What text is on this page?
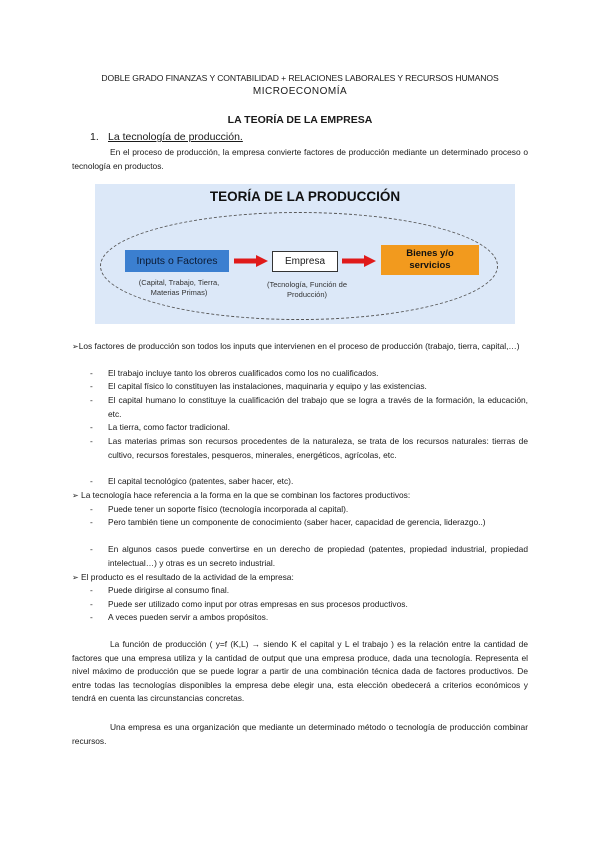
DOBLE GRADO FINANZAS Y CONTABILIDAD + RELACIONES LABORALES Y RECURSOS HUMANOS
MICROECONOMÍA
LA TEORÍA DE LA EMPRESA
1. La tecnología de producción.
En el proceso de producción, la empresa convierte factores de producción mediante un determinado proceso o tecnología en productos.
TEORÍA DE LA PRODUCCIÓN
Inputs o Factores
(Capital, Trabajo, Tierra,
Materias Primas)
Empresa
(Tecnología, Función de
Producción)
Bienes y/o
servicios
➢Los factores de producción son todos los inputs que intervienen en el proceso de producción (trabajo, tierra, capital,…)
-	El trabajo incluye tanto los obreros cualificados como los no cualificados.
-	El capital físico lo constituyen las instalaciones, maquinaria y equipo y las existencias.
-	El capital humano lo constituye la cualificación del trabajo que se logra a través de la formación, la educación, etc.
-	La tierra, como factor tradicional.
-	Las materias primas son recursos procedentes de la naturaleza, se trata de los recursos naturales: tierras de cultivo, recursos forestales, pesqueros, minerales, energéticos, agrícolas, etc.
-	El capital tecnológico (patentes, saber hacer, etc).
➢ La tecnología hace referencia a la forma en la que se combinan los factores productivos:
-	Puede tener un soporte físico (tecnología incorporada al capital).
-	Pero también tiene un componente de conocimiento (saber hacer, capacidad de gerencia, liderazgo..)
-	En algunos casos puede convertirse en un derecho de propiedad (patentes, propiedad industrial, propiedad intelectual…) y otras es un secreto industrial.
➢ El producto es el resultado de la actividad de la empresa:
-	Puede dirigirse al consumo final.
-	Puede ser utilizado como input por otras empresas en sus procesos productivos.
-	A veces pueden servir a ambos propósitos.
La función de producción ( y=f (K,L) → siendo K el capital y L el trabajo ) es la relación entre la cantidad de factores que una empresa utiliza y la cantidad de output que una empresa produce, dada una tecnología. Representa el nivel máximo de producción que se puede lograr a partir de una combinación técnica dada de factores productivos. De entre todas las tecnologías disponibles la empresa debe elegir una, esta elección obedecerá a criterios económicos y tendrá en cuenta las circunstancias concretas.
Una empresa es una organización que mediante un determinado método o tecnología de producción combinar recursos.
